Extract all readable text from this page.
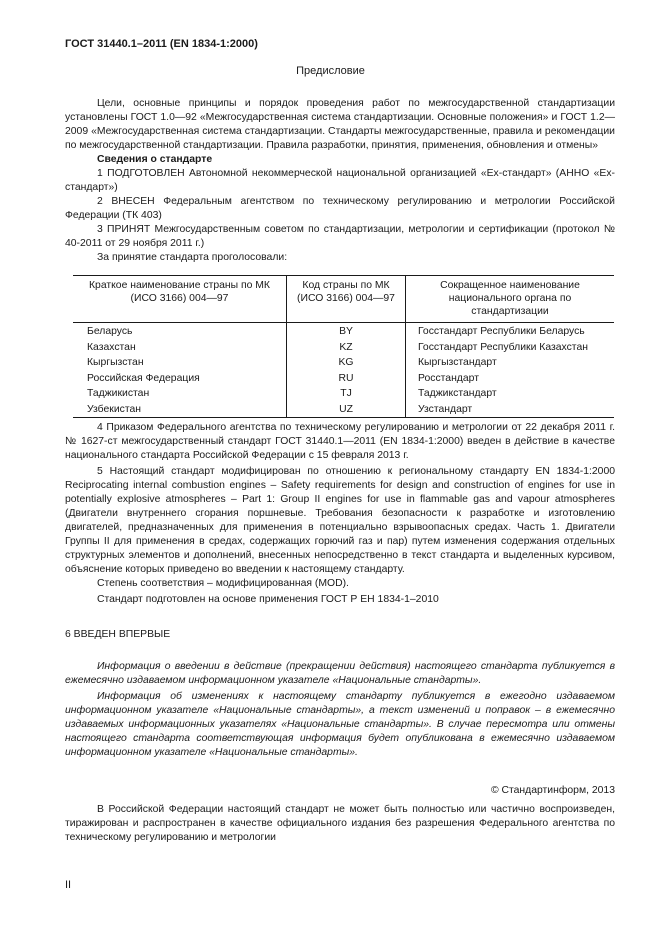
ГОСТ 31440.1–2011 (EN 1834-1:2000)
Предисловие

Цели, основные принципы и порядок проведения работ по межгосударственной стандартизации установлены ГОСТ 1.0—92 «Межгосударственная система стандартизации. Основные положения» и ГОСТ 1.2—2009 «Межгосударственная система стандартизации. Стандарты межгосударственные, правила и рекомендации по межгосударственной стандартизации. Правила разработки, принятия, применения, обновления и отмены»

Сведения о стандарте

1 ПОДГОТОВЛЕН Автономной некоммерческой национальной организацией «Ех-стандарт» (АННО «Ех-стандарт»)

2 ВНЕСЕН Федеральным агентством по техническому регулированию и метрологии Российской Федерации (ТК 403)

3 ПРИНЯТ Межгосударственным советом по стандартизации, метрологии и сертификации (протокол № 40-2011 от 29 ноября 2011 г.)

За принятие стандарта проголосовали:

Краткое наименование страны по МК (ИСО 3166) 004—97	Код страны по МК (ИСО 3166) 004—97	Сокращенное наименование национального органа по стандартизации
Беларусь	BY	Госстандарт Республики Беларусь
Казахстан	KZ	Госстандарт Республики Казахстан
Кыргызстан	KG	Кыргызстандарт
Российская Федерация	RU	Росстандарт
Таджикистан	TJ	Таджикстандарт
Узбекистан	UZ	Узстандарт

4 Приказом Федерального агентства по техническому регулированию и метрологии от 22 декабря 2011 г. № 1627-ст межгосударственный стандарт ГОСТ 31440.1—2011 (EN 1834-1:2000) введен в действие в качестве национального стандарта Российской Федерации с 15 февраля 2013 г.

5 Настоящий стандарт модифицирован по отношению к региональному стандарту EN 1834-1:2000 Reciprocating internal combustion engines – Safety requirements for design and construction of engines for use in potentially explosive atmospheres – Part 1: Group II engines for use in flammable gas and vapour atmospheres (Двигатели внутреннего сгорания поршневые. Требования безопасности к разработке и изготовлению двигателей, предназначенных для применения в потенциально взрывоопасных средах. Часть 1. Двигатели Группы II для применения в средах, содержащих горючий газ и пар) путем изменения содержания отдельных структурных элементов и дополнений, внесенных непосредственно в текст стандарта и выделенных курсивом, объяснение которых приведено во введении к настоящему стандарту.

Степень соответствия – модифицированная (MOD).

Стандарт подготовлен на основе применения ГОСТ Р ЕН 1834-1–2010

6 ВВЕДЕН ВПЕРВЫЕ

Информация о введении в действие (прекращении действия) настоящего стандарта публикуется в ежемесячно издаваемом информационном указателе «Национальные стандарты».

Информация об изменениях к настоящему стандарту публикуется в ежегодно издаваемом информационном указателе «Национальные стандарты», а текст изменений и поправок – в ежемесячно издаваемых информационных указателях «Национальные стандарты». В случае пересмотра или отмены настоящего стандарта соответствующая информация будет опубликована в ежемесячно издаваемом информационном указателе «Национальные стандарты».

© Стандартинформ, 2013

В Российской Федерации настоящий стандарт не может быть полностью или частично воспроизведен, тиражирован и распространен в качестве официального издания без разрешения Федерального агентства по техническому регулированию и метрологии

II
